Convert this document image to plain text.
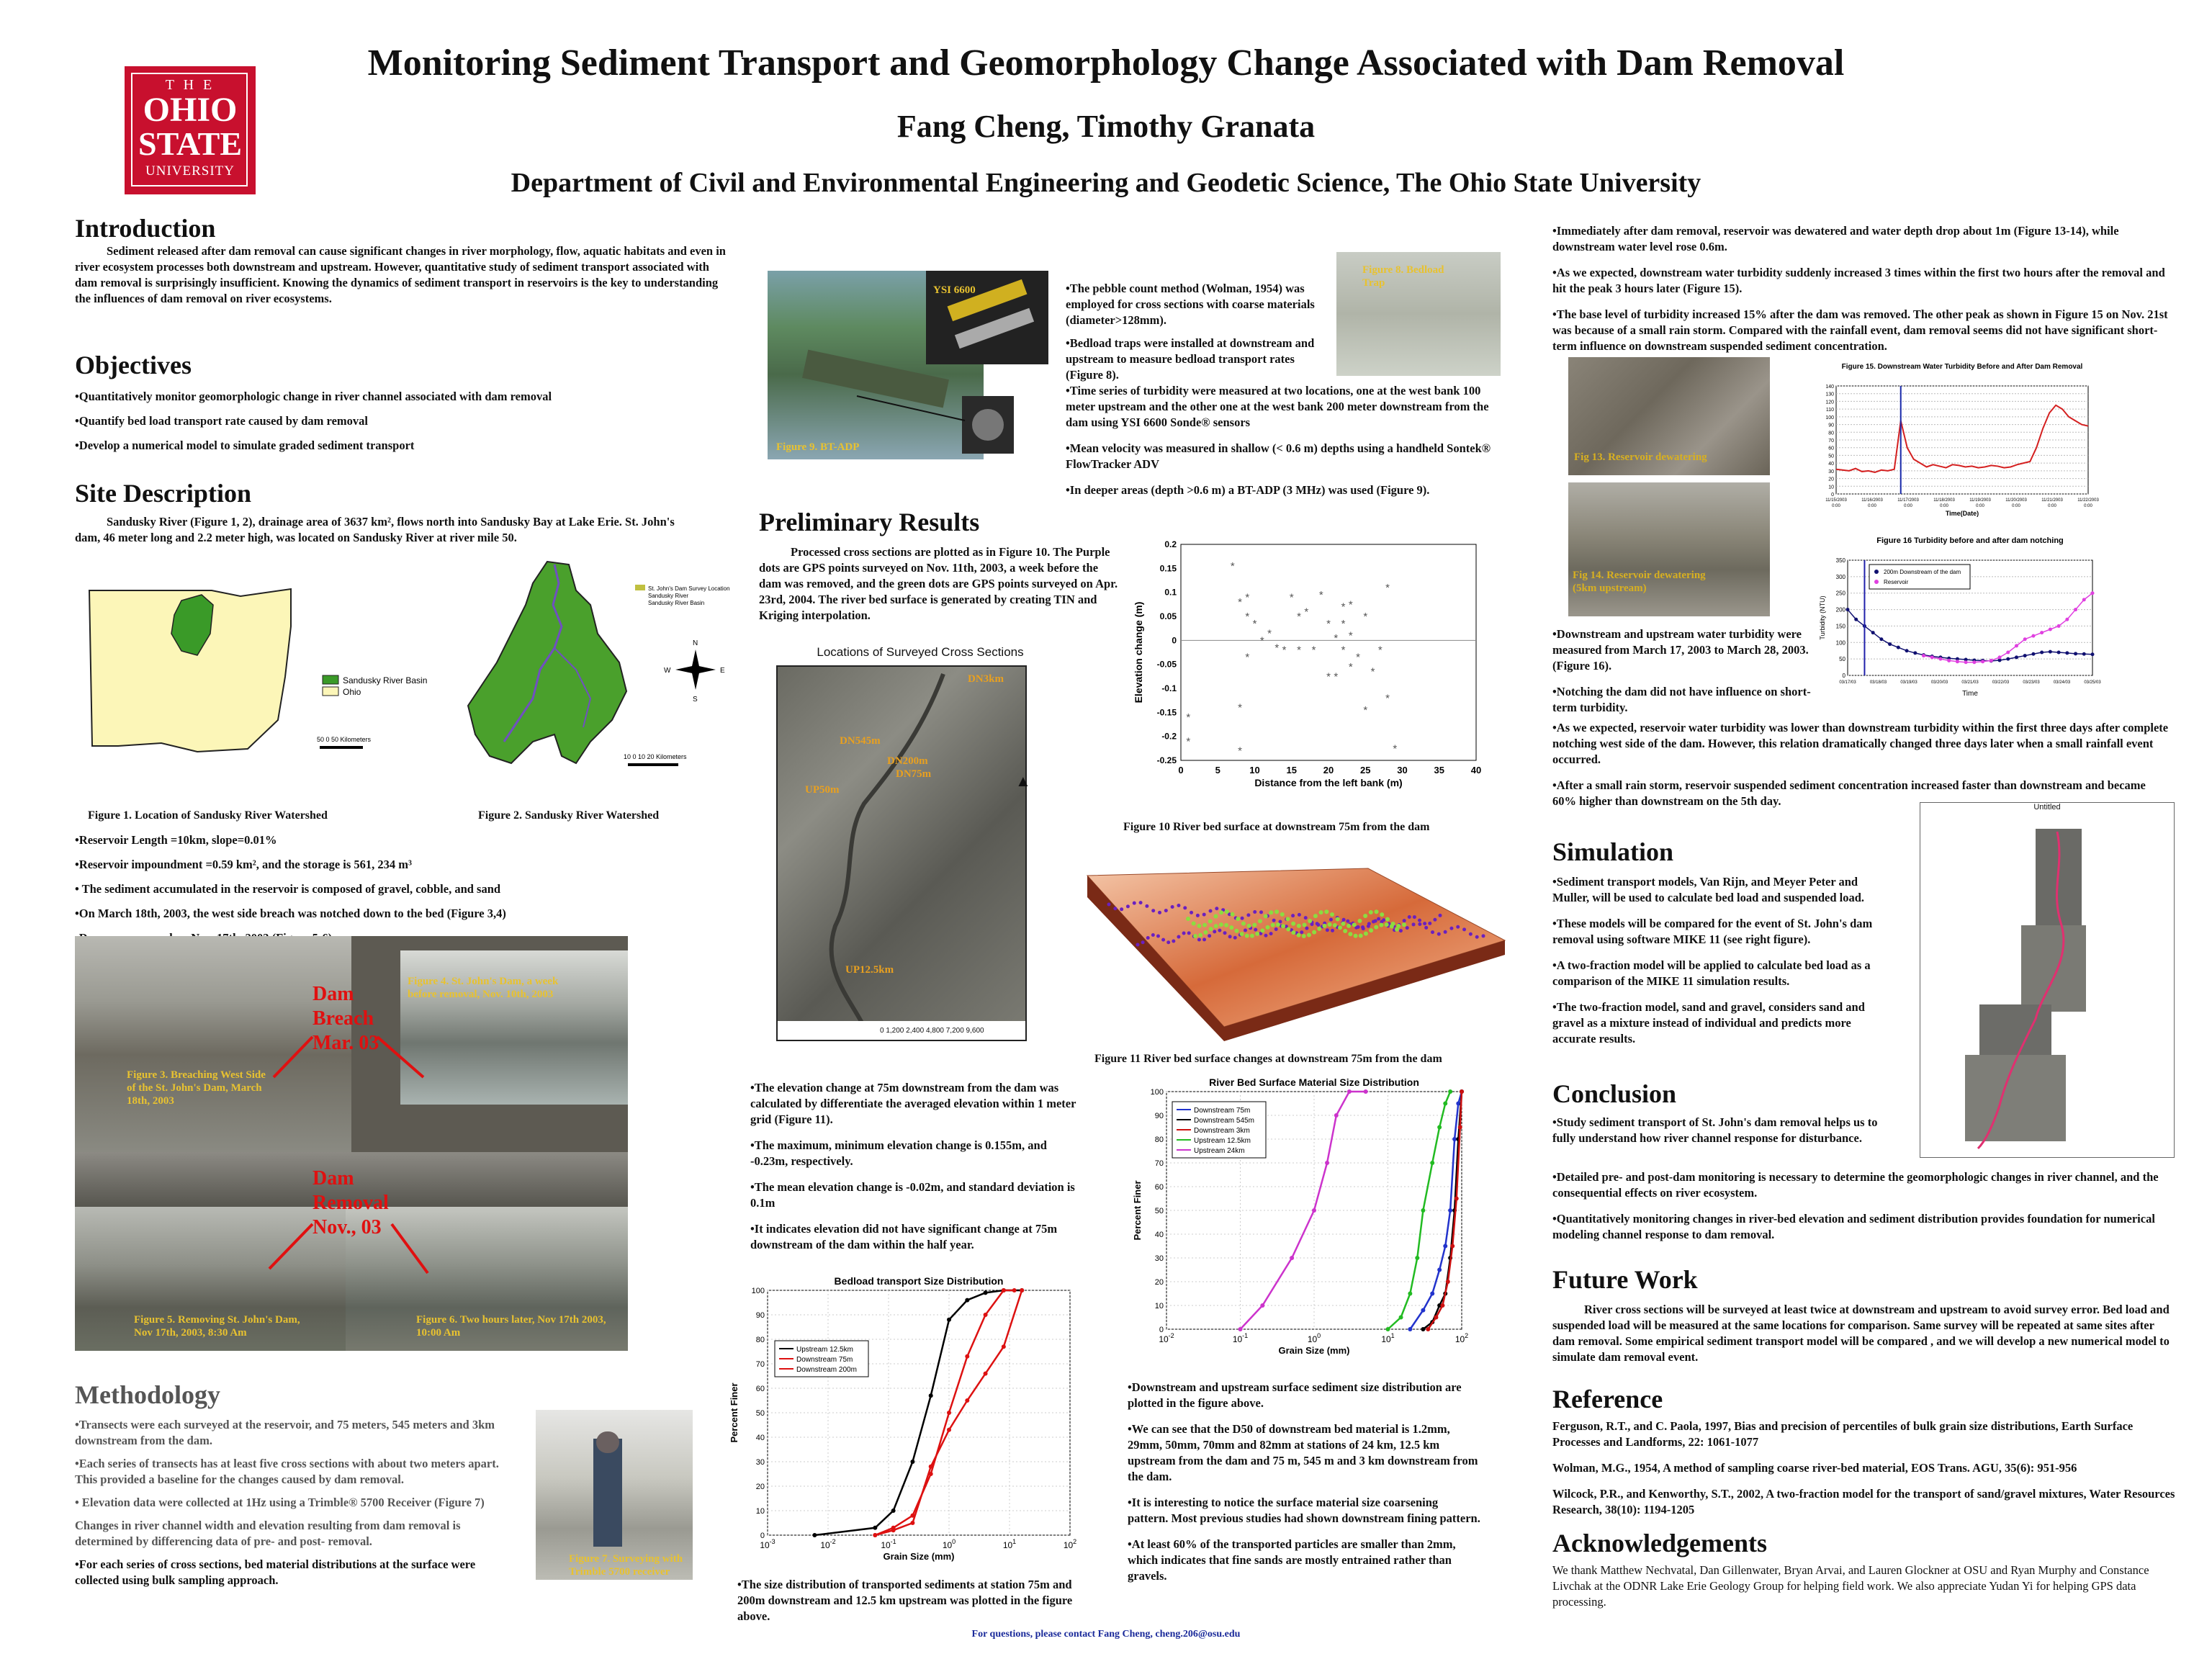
T H E
OHIO
STATE
UNIVERSITY
Monitoring Sediment Transport and Geomorphology Change Associated with Dam Removal
Fang Cheng, Timothy Granata
Department of Civil and Environmental Engineering and Geodetic Science, The Ohio State University
Introduction

Sediment released after dam removal can cause significant changes in river morphology, flow, aquatic habitats and even in river ecosystem processes both downstream and upstream. However, quantitative study of sediment transport associated with dam removal is surprisingly insufficient. Knowing the dynamics of sediment transport in reservoirs is the key to understanding the influences of dam removal on river ecosystems.

Objectives

•Quantitatively monitor geomorphologic change in river channel associated with dam removal

•Quantify bed load transport rate caused by dam removal

•Develop a numerical model to simulate graded sediment transport

Site Description

Sandusky River (Figure 1, 2), drainage area of 3637 km², flows north into Sandusky Bay at Lake Erie. St. John's dam, 46 meter long and 2.2 meter high, was located on Sandusky River at river mile 50.

Sandusky River Basin
Ohio
50 0 50 Kilometers
St. John's Dam Survey Location
Sandusky River
Sandusky River Basin
N
S
W	E
10 0 10 20 Kilometers
Figure 1. Location of Sandusky River Watershed	Figure 2. Sandusky River Watershed

•Reservoir Length =10km, slope=0.01%

•Reservoir impoundment =0.59 km², and the storage is 561, 234 m³

• The sediment accumulated in the reservoir is composed of gravel, cobble, and sand

•On March 18th, 2003, the west side breach was notched down to the bed (Figure 3,4)

Figure 3. Breaching West Side of the St. John's Dam, March 18th, 2003
Figure 4. St. John's Dam, a week before removal, Nov. 10th, 2003
Figure 5. Removing St. John's Dam, Nov 17th, 2003, 8:30 Am
Figure 6. Two hours later, Nov 17th 2003, 10:00 Am
Dam Breach Mar. 03
Dam Removal Nov., 03
Methodology

•Transects were each surveyed at the reservoir, and 75 meters, 545 meters and 3km downstream from the dam.

•Each series of transects has at least five cross sections with about two meters apart. This provided a baseline for the changes caused by dam removal.

• Elevation data were collected at 1Hz using a Trimble® 5700 Receiver (Figure 7)

Changes in river channel width and elevation resulting from dam removal is determined by differencing data of pre- and post- removal.

•For each series of cross sections, bed material distributions at the surface were collected using bulk sampling approach.

Figure 7. Surveying with Trimble 5700 receiver
Figure 9. BT-ADP
YSI 6600	•The pebble count method (Wolman, 1954) was employed for cross sections with coarse materials (diameter>128mm).

•Bedload traps were installed at downstream and upstream to measure bedload transport rates (Figure 8).

Figure 8. Bedload Trap

•Time series of turbidity were measured at two locations, one at the west bank 100 meter upstream and the other one at the west bank 200 meter downstream from the dam using YSI 6600 Sonde® sensors

•Mean velocity was measured in shallow (< 0.6 m) depths using a handheld Sontek® FlowTracker ADV

•In deeper areas (depth >0.6 m) a BT-ADP (3 MHz) was used (Figure 9).

Preliminary Results

Processed cross sections are plotted as in Figure 10. The Purple dots are GPS points surveyed on Nov. 11th, 2003, a week before the dam was removed, and the green dots are GPS points surveyed on Apr. 23rd, 2004. The river bed surface is generated by creating TIN and Kriging interpolation.

Locations of Surveyed Cross Sections
DN3km
DN545m
DN200m
DN75m
UP50m
UP12.5km
0 1,200 2,400 4,800 7,200 9,600
▲
0	5	10	15	20	25	30	35	40
-0.25
-0.2
-0.15
-0.1
-0.05
0
0.05
0.1
0.15
0.2
*
*
*
*
*
*
*
*
*
*
*
*
* *
*
*
*
*
*
*
*
*
*
*
*
*
*
*
*
*
*
*
*
*
*
*
*
*
Distance from the left bank (m)
Elevation change (m)
Figure 10 River bed surface at downstream 75m from the dam
Figure 11 River bed surface changes at downstream 75m from the dam

•The elevation change at 75m downstream from the dam was calculated by differentiate the averaged elevation within 1 meter grid (Figure 11).

•The maximum, minimum elevation change is 0.155m, and -0.23m, respectively.

•The mean elevation change is -0.02m, and standard deviation is 0.1m

•It indicates elevation did not have significant change at 75m downstream of the dam within the half year.

Bedload transport Size Distribution
$10^{-3}$	$10^{-2}$	$10^{-1}$	$10^0$	$10^1$	$10^2$
0
10
20
30
40
50
60
70
80
90
100
Upstream 12.5km
Downstream 75m
Downstream 200m
Grain Size (mm)
Percent Finer

•The size distribution of transported sediments at station 75m and 200m downstream and 12.5 km upstream was plotted in the figure above.

River Bed Surface Material Size Distribution
$10^{-2}$	$10^{-1}$	$10^0$	$10^1$	$10^2$
0
10
20
30
40
50
60
70
80
90
100
Downstream 75m
Downstream 545m
Downstream 3km
Upstream 12.5km
Upstream 24km
Grain Size (mm)
Percent Finer

•Downstream and upstream surface sediment size distribution are plotted in the figure above.

•We can see that the D50 of downstream bed material is 1.2mm, 29mm, 50mm, 70mm and 82mm at stations of 24 km, 12.5 km upstream from the dam and 75 m, 545 m and 3 km downstream from the dam.

•It is interesting to notice the surface material size coarsening pattern. Most previous studies had shown downstream fining pattern.

•At least 60% of the transported particles are smaller than 2mm, which indicates that fine sands are mostly entrained rather than gravels.

•Immediately after dam removal, reservoir was dewatered and water depth drop about 1m (Figure 13-14), while downstream water level rose 0.6m.

•As we expected, downstream water turbidity suddenly increased 3 times within the first two hours after the removal and hit the peak 3 hours later (Figure 15).

•The base level of turbidity increased 15% after the dam was removed. The other peak as shown in Figure 15 on Nov. 21st was because of a small rain storm. Compared with the rainfall event, dam removal seems did not have significant short-term influence on downstream suspended sediment concentration.

Fig 13. Reservoir dewatering
Fig 14. Reservoir dewatering (5km upstream)
Figure 15. Downstream Water Turbidity Before and After Dam Removal
0
10
20
30
40
50
60
70
80
90
100
110
120
130
140
11/15/2003 0:00
11/16/2003 0:00
11/17/2003 0:00
11/18/2003 0:00
11/19/2003 0:00
11/20/2003 0:00
11/21/2003 0:00
11/22/2003 0:00
Time(Date)
Figure 16 Turbidity before and after dam notching
0
50
100
150
200
250
300
350
03/17/03	03/18/03	03/19/03	03/20/03	03/21/03	03/22/03	03/23/03	03/24/03	03/25/03
200m Downstream of the dam
Reservoir
Time
Turbidity (NTU)

•Downstream and upstream water turbidity were measured from March 17, 2003 to March 28, 2003. (Figure 16).

•Notching the dam did not have influence on short-term turbidity.

•As we expected, reservoir water turbidity was lower than downstream turbidity within the first three days after complete notching west side of the dam. However, this relation dramatically changed three days later when a small rainfall event occurred.

•After a small rain storm, reservoir suspended sediment concentration increased faster than downstream and became 60% higher than downstream on the 5th day.

Simulation

•Sediment transport models, Van Rijn, and Meyer Peter and Muller, will be used to calculate bed load and suspended load.

•These models will be compared for the event of St. John's dam removal using software MIKE 11 (see right figure).

•A two-fraction model will be applied to calculate bed load as a comparison of the MIKE 11 simulation results.

•The two-fraction model, sand and gravel, considers sand and gravel as a mixture instead of individual and predicts more accurate results.

Untitled
Conclusion

•Study sediment transport of St. John's dam removal helps us to fully understand how river channel response for disturbance.

•Detailed pre- and post-dam monitoring is necessary to determine the geomorphologic changes in river channel, and the consequential effects on river ecosystem.

•Quantitatively monitoring changes in river-bed elevation and sediment distribution provides foundation for numerical modeling channel response to dam removal.

Future Work

River cross sections will be surveyed at least twice at downstream and upstream to avoid survey error. Bed load and suspended load will be measured at the same locations for comparison. Same survey will be repeated at same sites after dam removal. Some empirical sediment transport model will be compared , and we will develop a new numerical model to simulate dam removal event.

Reference

Ferguson, R.T., and C. Paola, 1997, Bias and precision of percentiles of bulk grain size distributions, Earth Surface Processes and Landforms, 22: 1061-1077

Wolman, M.G., 1954, A method of sampling coarse river-bed material, EOS Trans. AGU, 35(6): 951-956

Wilcock, P.R., and Kenworthy, S.T., 2002, A two-fraction model for the transport of sand/gravel mixtures, Water Resources Research, 38(10): 1194-1205

Acknowledgements

We thank Matthew Nechvatal, Dan Gillenwater, Bryan Arvai, and Lauren Glockner at OSU and Ryan Murphy and Constance Livchak at the ODNR Lake Erie Geology Group for helping field work. We also appreciate Yudan Yi for helping GPS data processing.

For questions, please contact Fang Cheng, cheng.206@osu.edu
